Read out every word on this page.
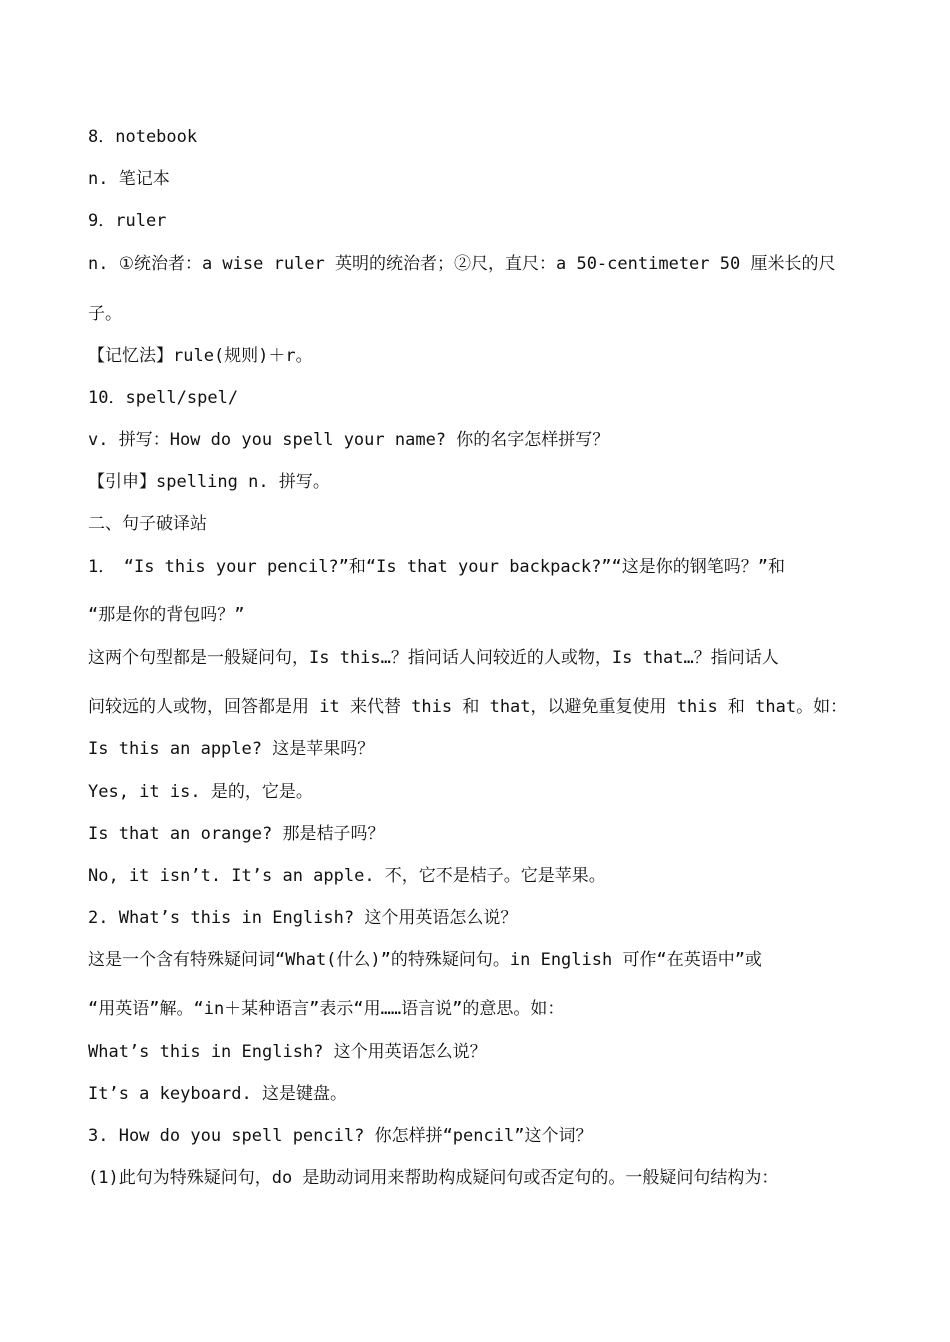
8．notebook
n. 笔记本
9．ruler
n. ①统治者：a wise ruler 英明的统治者；②尺，直尺：a 50-centimeter 50 厘米长的尺
子。
【记忆法】rule(规则)＋r。
10．spell/spel/
v. 拼写：How do you spell your name? 你的名字怎样拼写？
【引申】spelling n. 拼写。
二、句子破译站
1．　“Is this your pencil?”和“Is that your backpack?”“这是你的钢笔吗？”和
“那是你的背包吗？”
这两个句型都是一般疑问句，Is this…？指问话人问较近的人或物，Is that…？指问话人
问较远的人或物，回答都是用 it 来代替 this 和 that，以避免重复使用 this 和 that。如：
Is this an apple? 这是苹果吗？
Yes, it is. 是的，它是。
Is that an orange? 那是桔子吗？
No, it isn’t. It’s an apple. 不，它不是桔子。它是苹果。
2. What’s this in English? 这个用英语怎么说？
这是一个含有特殊疑问词“What(什么)”的特殊疑问句。in English 可作“在英语中”或
“用英语”解。“in＋某种语言”表示“用……语言说”的意思。如：
What’s this in English? 这个用英语怎么说？
It’s a keyboard. 这是键盘。
3. How do you spell pencil? 你怎样拼“pencil”这个词？
(1)此句为特殊疑问句，do 是助动词用来帮助构成疑问句或否定句的。一般疑问句结构为：
